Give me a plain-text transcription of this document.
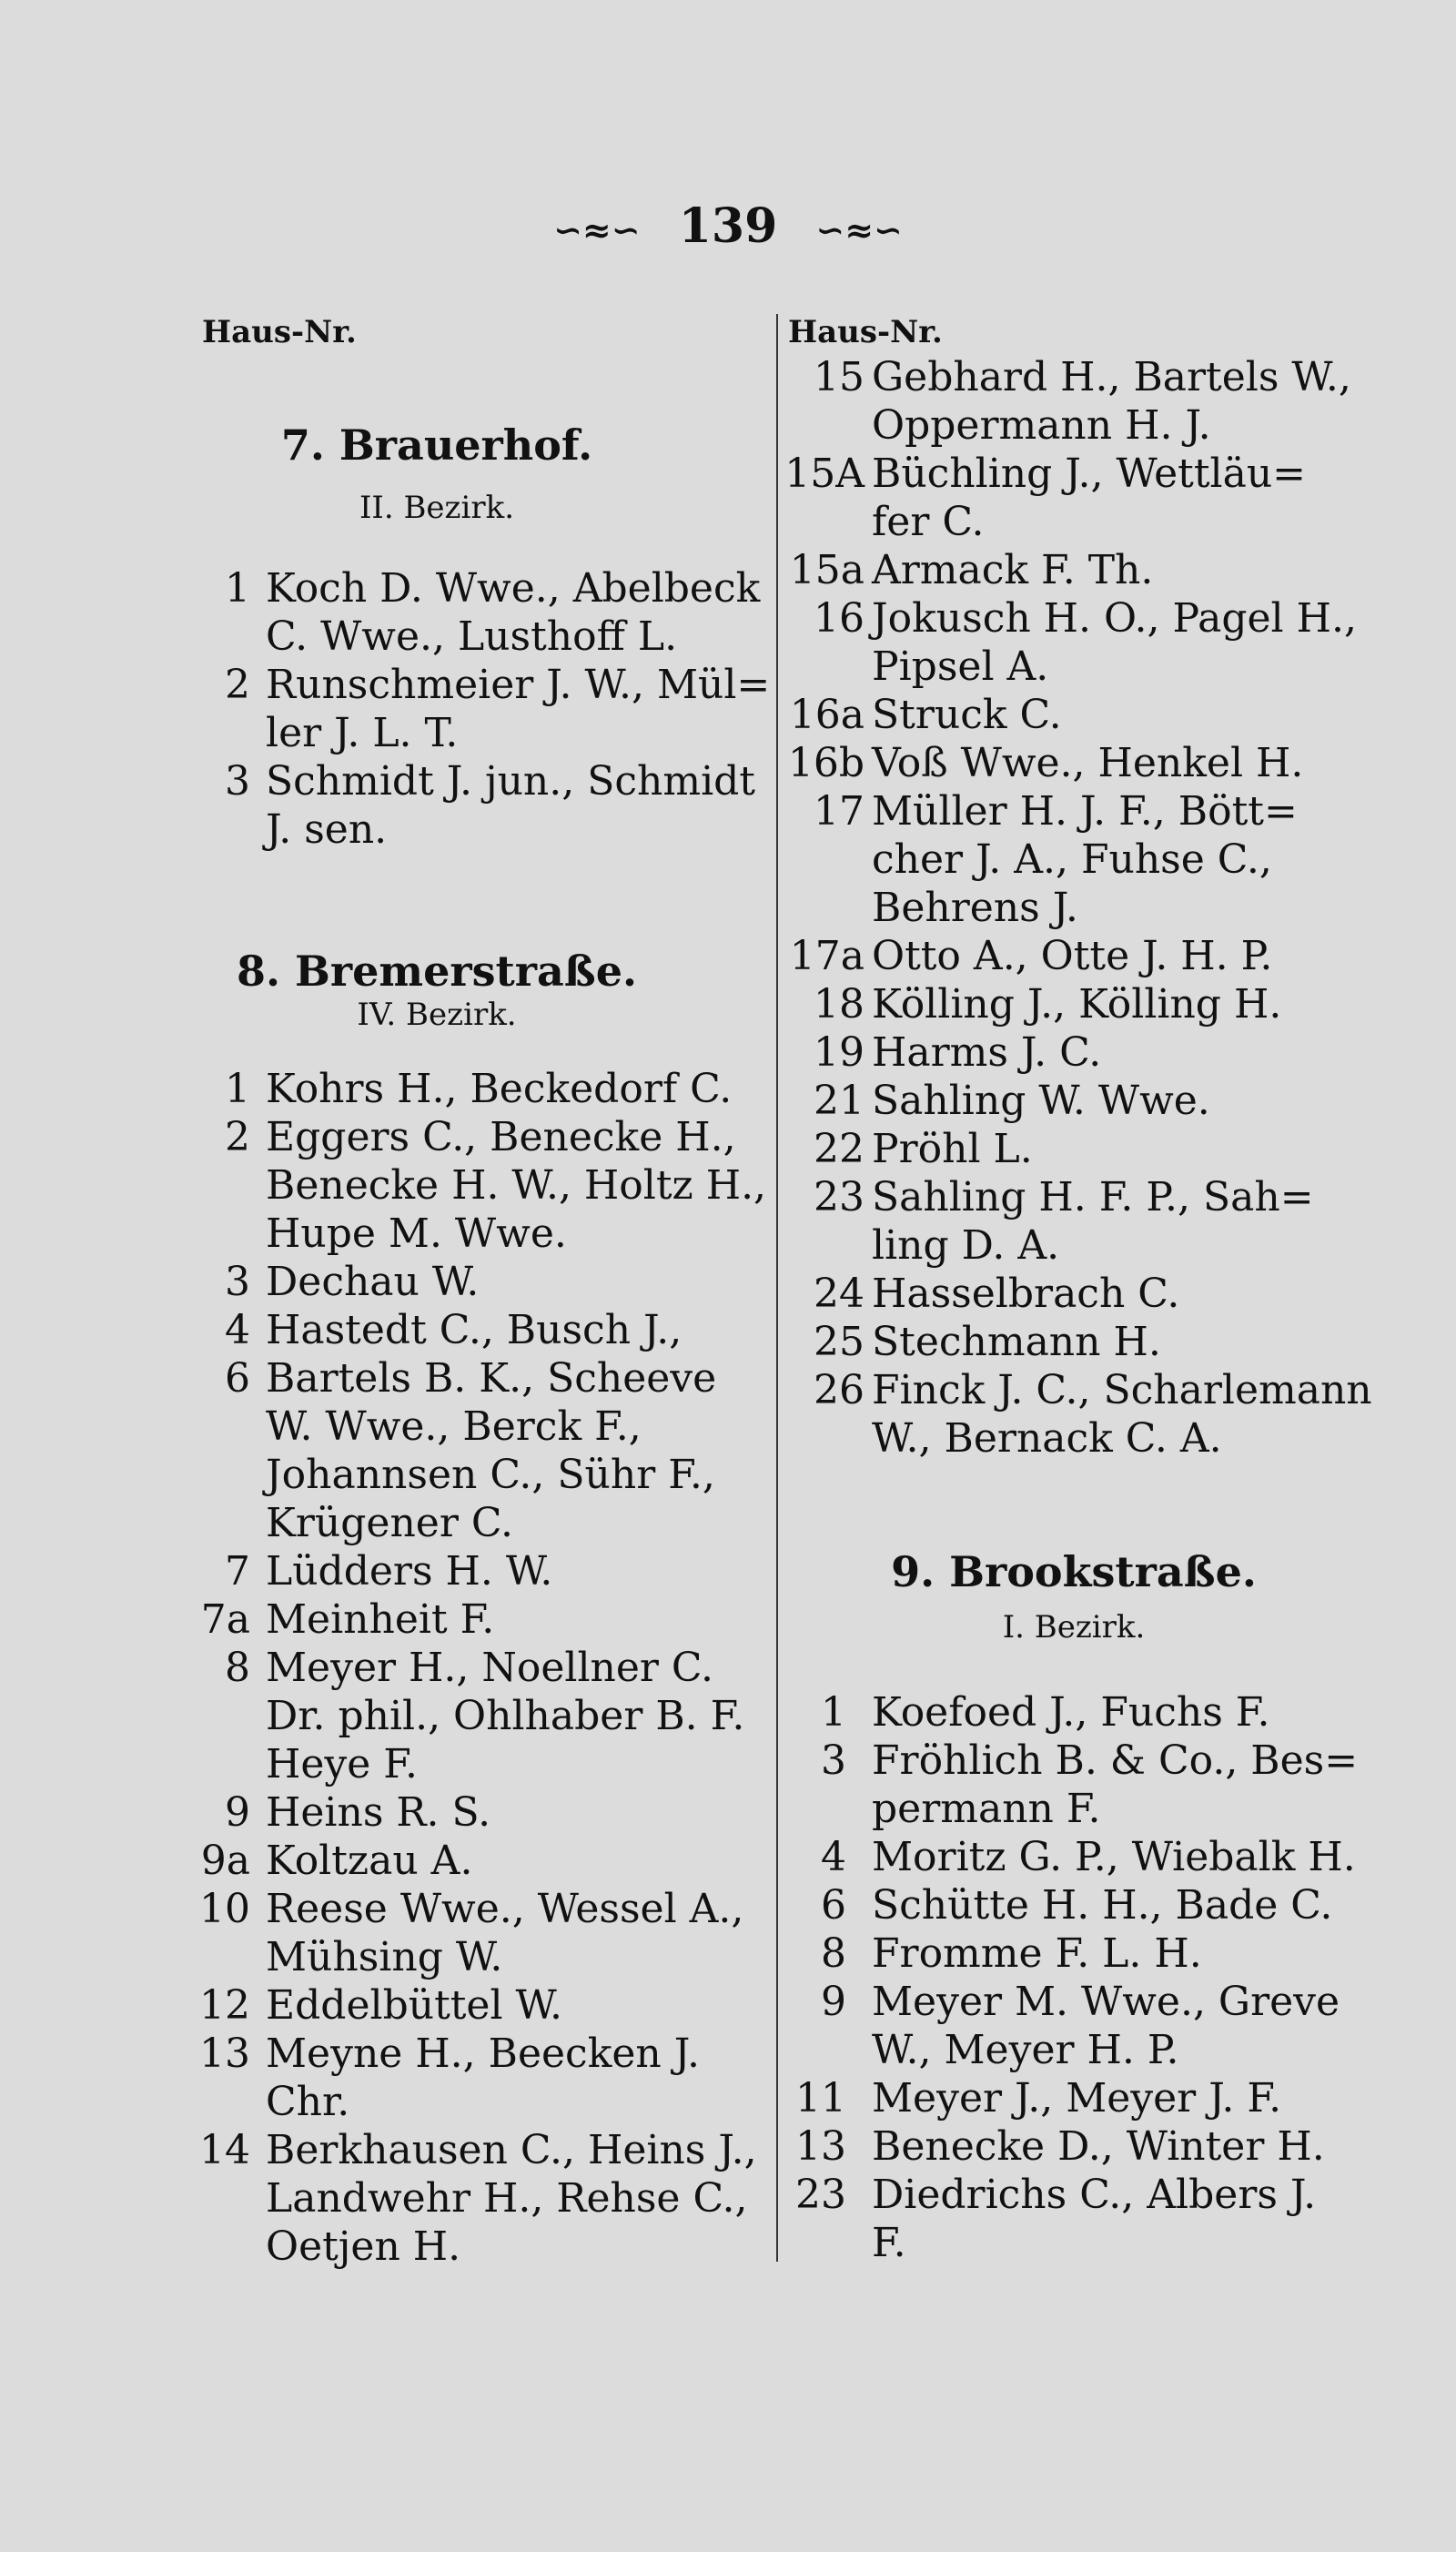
∽≈∽ 139 ∽≈∽
Haus-Nr.	Haus-Nr.
7. Brauerhof.
II. Bezirk.
1 Koch D. Wwe., Abelbeck
C. Wwe., Lusthoff L.
2 Runschmeier J. W., Mül=
ler J. L. T.
3 Schmidt J. jun., Schmidt
J. sen.
8. Bremerstraße.
IV. Bezirk.
1 Kohrs H., Beckedorf C.
2 Eggers C., Benecke H.,
Benecke H. W., Holtz H.,
Hupe M. Wwe.
3 Dechau W.
4 Hastedt C., Busch J.,
6 Bartels B. K., Scheeve
W. Wwe., Berck F.,
Johannsen C., Sühr F.,
Krügener C.
7 Lüdders H. W.
7a Meinheit F.
8 Meyer H., Noellner C.
Dr. phil., Ohlhaber B. F.
Heye F.
9 Heins R. S.
9a Koltzau A.
10 Reese Wwe., Wessel A.,
Mühsing W.
12 Eddelbüttel W.
13 Meyne H., Beecken J.
Chr.
14 Berkhausen C., Heins J.,
Landwehr H., Rehse C.,
Oetjen H.
15 Gebhard H., Bartels W.,
Oppermann H. J.
15A Büchling J., Wettläu=
fer C.
15a Armack F. Th.
16 Jokusch H. O., Pagel H.,
Pipsel A.
16a Struck C.
16b Voß Wwe., Henkel H.
17 Müller H. J. F., Bött=
cher J. A., Fuhse C.,
Behrens J.
17a Otto A., Otte J. H. P.
18 Kölling J., Kölling H.
19 Harms J. C.
21 Sahling W. Wwe.
22 Pröhl L.
23 Sahling H. F. P., Sah=
ling D. A.
24 Hasselbrach C.
25 Stechmann H.
26 Finck J. C., Scharlemann
W., Bernack C. A.
9. Brookstraße.
I. Bezirk.
1 Koefoed J., Fuchs F.
3 Fröhlich B. & Co., Bes=
permann F.
4 Moritz G. P., Wiebalk H.
6 Schütte H. H., Bade C.
8 Fromme F. L. H.
9 Meyer M. Wwe., Greve
W., Meyer H. P.
11 Meyer J., Meyer J. F.
13 Benecke D., Winter H.
23 Diedrichs C., Albers J.
F.
